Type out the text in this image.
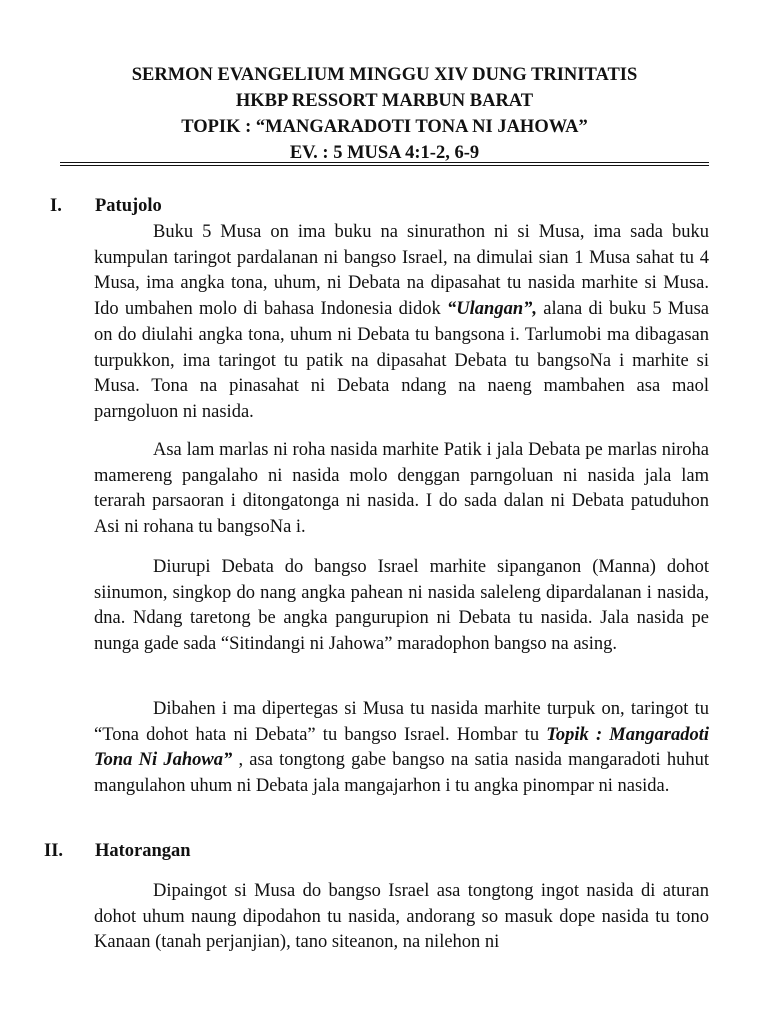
SERMON EVANGELIUM MINGGU XIV DUNG TRINITATIS
HKBP RESSORT MARBUN BARAT
TOPIK : “MANGARADOTI TONA NI JAHOWA”
EV. : 5 MUSA 4:1-2, 6-9
I. Patujolo

Buku 5 Musa on ima buku na sinurathon ni si Musa, ima sada buku kumpulan taringot pardalanan ni bangso Israel, na dimulai sian 1 Musa sahat tu 4 Musa, ima angka tona, uhum, ni Debata na dipasahat tu nasida marhite si Musa. Ido umbahen molo di bahasa Indonesia didok “Ulangan”, alana di buku 5 Musa on do diulahi angka tona, uhum ni Debata tu bangsona i. Tarlumobi ma dibagasan turpukkon, ima taringot tu patik na dipasahat Debata tu bangsoNa i marhite si Musa. Tona na pinasahat ni Debata ndang na naeng mambahen asa maol parngoluon ni nasida.

Asa lam marlas ni roha nasida marhite Patik i jala Debata pe marlas niroha mamereng pangalaho ni nasida molo denggan parngoluan ni nasida jala lam terarah parsaoran i ditongatonga ni nasida. I do sada dalan ni Debata patuduhon Asi ni rohana tu bangsoNa i.

Diurupi Debata do bangso Israel marhite sipanganon (Manna) dohot siinumon, singkop do nang angka pahean ni nasida saleleng dipardalanan i nasida, dna. Ndang taretong be angka pangurupion ni Debata tu nasida. Jala nasida pe nunga gade sada “Sitindangi ni Jahowa” maradophon bangso na asing.

Dibahen i ma dipertegas si Musa tu nasida marhite turpuk on, taringot tu “Tona dohot hata ni Debata” tu bangso Israel. Hombar tu Topik : Mangaradoti Tona Ni Jahowa” , asa tongtong gabe bangso na satia nasida mangaradoti huhut mangulahon uhum ni Debata jala mangajarhon i tu angka pinompar ni nasida.

II. Hatorangan

Dipaingot si Musa do bangso Israel asa tongtong ingot nasida di aturan dohot uhum naung dipodahon tu nasida, andorang so masuk dope nasida tu tono Kanaan (tanah perjanjian), tano siteanon, na nilehon ni
